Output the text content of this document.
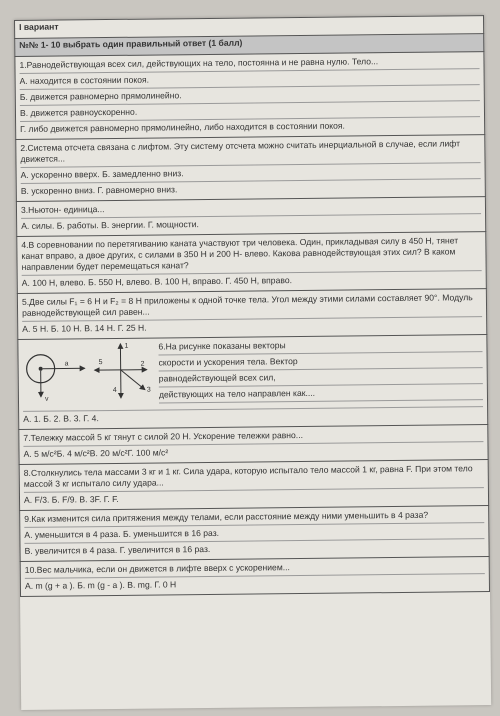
I вариант
№№ 1- 10 выбрать один правильный ответ (1 балл)

1.Равнодействующая всех сил, действующих на тело, постоянна и не равна нулю. Тело...
А. находится в состоянии покоя.
Б. движется равномерно прямолинейно.
В. движется равноускоренно.
Г. либо движется равномерно прямолинейно, либо находится в состоянии покоя.

2.Система отсчета связана с лифтом. Эту систему отсчета можно считать инерциальной в случае, если лифт движется...
А. ускоренно вверх. Б. замедленно вниз.
В. ускоренно вниз. Г. равномерно вниз.

3.Ньютон- единица...
А. силы. Б. работы. В. энергии. Г. мощности.

4.В соревновании по перетягиванию каната участвуют три человека. Один, прикладывая силу в 450 Н, тянет канат вправо, а двое других, с силами в 350 Н и 200 Н- влево. Какова равнодействующая этих сил? В каком направлении будет перемещаться канат?
А. 100 Н, влево. Б. 550 Н, влево. В. 100 Н, вправо. Г. 450 Н, вправо.

5.Две силы F₁ = 6 Н и F₂ = 8 Н приложены к одной точке тела. Угол между этими силами составляет 90°. Модуль равнодействующей сил равен...
А. 5 Н. Б. 10 Н. В. 14 Н. Г. 25 Н.

a
v
1
2
3
4
5
6.На рисунке показаны векторы
скорости и ускорения тела. Вектор
равнодействующей всех сил,
действующих на тело направлен как....
А. 1. Б. 2. В. 3. Г. 4.

7.Тележку массой 5 кг тянут с силой 20 Н. Ускорение тележки равно...
А. 5 м/с²Б. 4 м/с²В. 20 м/с²Г. 100 м/с²

8.Столкнулись тела массами 3 кг и 1 кг. Сила удара, которую испытало тело массой 1 кг, равна F. При этом тело массой 3 кг испытало силу удара...
А. F/3. Б. F/9. В. 3F. Г. F.

9.Как изменится сила притяжения между телами, если расстояние между ними уменьшить в 4 раза?
А. уменьшится в 4 раза. Б. уменьшится в 16 раз.
В. увеличится в 4 раза. Г. увеличится в 16 раз.

10.Вес мальчика, если он движется в лифте вверх с ускорением...
А. m (g + a ). Б. m (g - a ). В. mg. Г. 0 Н
